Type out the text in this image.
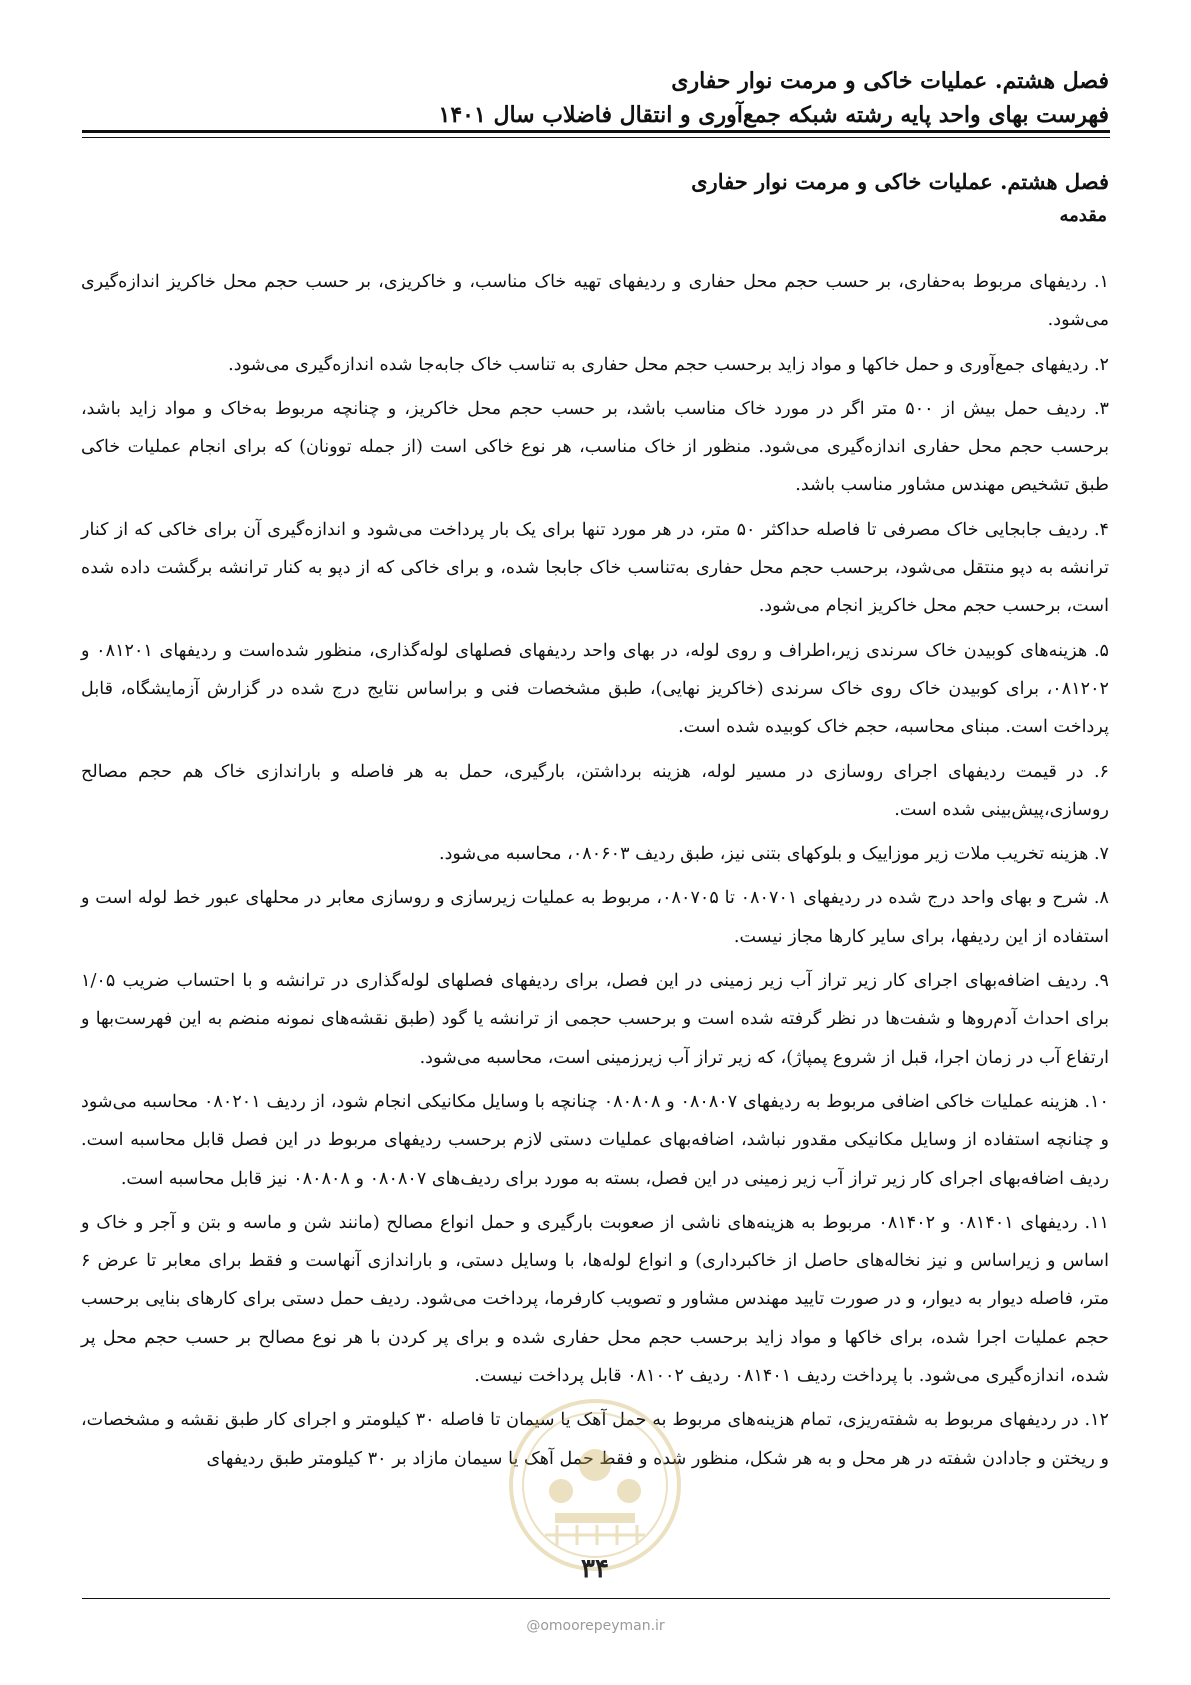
فصل هشتم. عملیات خاکی و مرمت نوار حفاری
فهرست بهای واحد پایه رشته شبکه جمع‌آوری و انتقال فاضلاب سال ۱۴۰۱
فصل هشتم. عملیات خاکی و مرمت نوار حفاری
مقدمه

۱. ردیفهای مربوط به‌حفاری، بر حسب حجم محل حفاری و ردیفهای تهیه خاک مناسب، و خاکریزی، بر حسب حجم محل خاکریز اندازه‌گیری می‌شود.

۲. ردیفهای جمع‌آوری و حمل خاکها و مواد زاید برحسب حجم محل حفاری به تناسب خاک جابه‌جا شده اندازه‌گیری می‌شود.

۳. ردیف حمل بیش از ۵۰۰ متر اگر در مورد خاک مناسب باشد، بر حسب حجم محل خاکریز، و چنانچه مربوط به‌خاک و مواد زاید باشد، برحسب حجم محل حفاری اندازه‌گیری می‌شود. منظور از خاک مناسب، هر نوع خاکی است (از جمله توونان) که برای انجام عملیات خاکی طبق تشخیص مهندس مشاور مناسب باشد.

۴. ردیف جابجایی خاک مصرفی تا فاصله حداکثر ۵۰ متر، در هر مورد تنها برای یک بار پرداخت می‌شود و اندازه‌گیری آن برای خاکی که از کنار ترانشه به دپو منتقل می‌شود، برحسب حجم محل حفاری به‌تناسب خاک جابجا شده، و برای خاکی که از دپو به کنار ترانشه برگشت داده شده است، برحسب حجم محل خاکریز انجام می‌شود.

۵. هزینه‌های کوبیدن خاک سرندی زیر،اطراف و روی لوله، در بهای واحد ردیفهای فصلهای لوله‌گذاری، منظور شده‌است و ردیفهای ۰۸۱۲۰۱ و ۰۸۱۲۰۲، برای کوبیدن خاک روی خاک سرندی (خاکریز نهایی)، طبق مشخصات فنی و براساس نتایج درج شده در گزارش آزمایشگاه، قابل پرداخت است. مبنای محاسبه، حجم خاک کوبیده شده است.

۶. در قیمت ردیفهای اجرای روسازی در مسیر لوله، هزینه برداشتن، بارگیری، حمل به هر فاصله و باراندازی خاک هم حجم مصالح روسازی،پیش‌بینی شده است.

۷. هزینه تخریب ملات زیر موزاییک و بلوکهای بتنی نیز، طبق ردیف ۰۸۰۶۰۳، محاسبه می‌شود.

۸. شرح و بهای واحد درج شده در ردیفهای ۰۸۰۷۰۱ تا ۰۸۰۷۰۵، مربوط به عملیات زیرسازی و روسازی معابر در محلهای عبور خط لوله است و استفاده از این ردیفها، برای سایر کارها مجاز نیست.

۹. ردیف اضافه‌بهای اجرای کار زیر تراز آب زیر زمینی در این فصل، برای ردیفهای فصلهای لوله‌گذاری در ترانشه و با احتساب ضریب ۱/۰۵ برای احداث آدم‌روها و شفت‌ها در نظر گرفته شده است و برحسب حجمی از ترانشه یا گود (طبق نقشه‌های نمونه منضم به این فهرست‌بها و ارتفاع آب در زمان اجرا، قبل از شروع پمپاژ)، که زیر تراز آب زیرزمینی است، محاسبه می‌شود.

۱۰. هزینه عملیات خاکی اضافی مربوط به ردیفهای ۰۸۰۸۰۷ و ۰۸۰۸۰۸ چنانچه با وسایل مکانیکی انجام شود، از ردیف ۰۸۰۲۰۱ محاسبه می‌شود و چنانچه استفاده از وسایل مکانیکی مقدور نباشد، اضافه‌بهای عملیات دستی لازم برحسب ردیفهای مربوط در این فصل قابل محاسبه است. ردیف اضافه‌بهای اجرای کار زیر تراز آب زیر زمینی در این فصل، بسته به مورد برای ردیف‌های ۰۸۰۸۰۷ و ۰۸۰۸۰۸ نیز قابل محاسبه است.

۱۱. ردیفهای ۰۸۱۴۰۱ و ۰۸۱۴۰۲ مربوط به هزینه‌های ناشی از صعوبت بارگیری و حمل انواع مصالح (مانند شن و ماسه و بتن و آجر و خاک و اساس و زیراساس و نیز نخاله‌های حاصل از خاکبرداری) و انواع لوله‌ها، با وسایل دستی، و باراندازی آنهاست و فقط برای معابر تا عرض ۶ متر، فاصله دیوار به دیوار، و در صورت تایید مهندس مشاور و تصویب کارفرما، پرداخت می‌شود. ردیف حمل دستی برای کارهای بنایی برحسب حجم عملیات اجرا شده، برای خاکها و مواد زاید برحسب حجم محل حفاری شده و برای پر کردن با هر نوع مصالح بر حسب حجم محل پر شده، اندازه‌گیری می‌شود. با پرداخت ردیف ۰۸۱۴۰۱ ردیف ۰۸۱۰۰۲ قابل پرداخت نیست.

۱۲. در ردیفهای مربوط به شفته‌ریزی، تمام هزینه‌های مربوط به حمل آهک یا سیمان تا فاصله ۳۰ کیلومتر و اجرای کار طبق نقشه و مشخصات، و ریختن و جادادن شفته در هر محل و به هر شکل، منظور شده و فقط حمل آهک یا سیمان مازاد بر ۳۰ کیلومتر طبق ردیفهای

۳۴
@omoorepeyman.ir
